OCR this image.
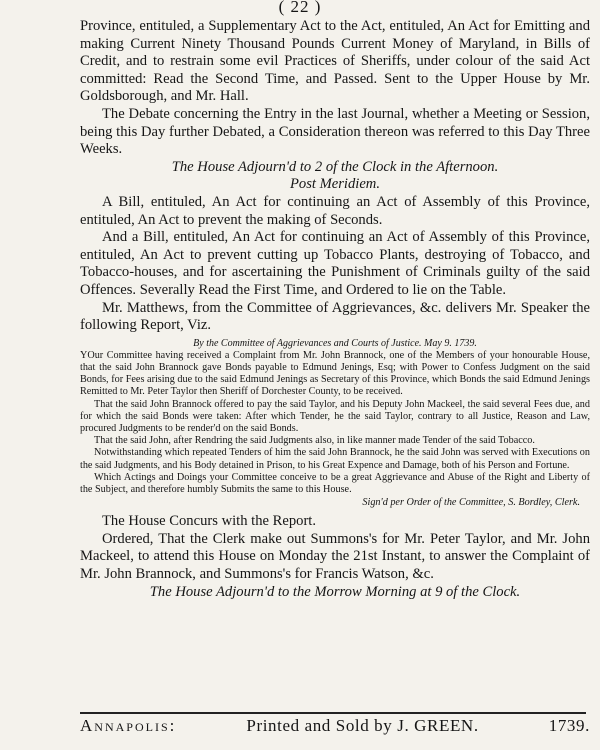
( 22 )

Province, entituled, a Supplementary Act to the Act, entituled, An Act for Emitting and making Current Ninety Thousand Pounds Current Money of Maryland, in Bills of Credit, and to restrain some evil Practices of Sheriffs, under colour of the said Act committed: Read the Second Time, and Passed. Sent to the Upper House by Mr. Goldsborough, and Mr. Hall.

The Debate concerning the Entry in the last Journal, whether a Meeting or Session, being this Day further Debated, a Consideration thereon was referred to this Day Three Weeks.

The House Adjourn'd to 2 of the Clock in the Afternoon.

Post Meridiem.

A Bill, entituled, An Act for continuing an Act of Assembly of this Province, entituled, An Act to prevent the making of Seconds.

And a Bill, entituled, An Act for continuing an Act of Assembly of this Province, entituled, An Act to prevent cutting up Tobacco Plants, destroying of Tobacco, and Tobacco-houses, and for ascertaining the Punishment of Criminals guilty of the said Offences. Severally Read the First Time, and Ordered to lie on the Table.

Mr. Matthews, from the Committee of Aggrievances, &c. delivers Mr. Speaker the following Report, Viz.

By the Committee of Aggrievances and Courts of Justice. May 9. 1739.

YOur Committee having received a Complaint from Mr. John Brannock, one of the Members of your honourable House, that the said John Brannock gave Bonds payable to Edmund Jenings, Esq; with Power to Confess Judgment on the said Bonds, for Fees arising due to the said Edmund Jenings as Secretary of this Province, which Bonds the said Edmund Jenings Remitted to Mr. Peter Taylor then Sheriff of Dorchester County, to be received.

That the said John Brannock offered to pay the said Taylor, and his Deputy John Mackeel, the said several Fees due, and for which the said Bonds were taken: After which Tender, he the said Taylor, contrary to all Justice, Reason and Law, procured Judgments to be render'd on the said Bonds.

That the said John, after Rendring the said Judgments also, in like manner made Tender of the said Tobacco.

Notwithstanding which repeated Tenders of him the said John Brannock, he the said John was served with Executions on the said Judgments, and his Body detained in Prison, to his Great Expence and Damage, both of his Person and Fortune.

Which Actings and Doings your Committee conceive to be a great Aggrievance and Abuse of the Right and Liberty of the Subject, and therefore humbly Submits the same to this House.

Sign'd per Order of the Committee, S. Bordley, Clerk.

The House Concurs with the Report.

Ordered, That the Clerk make out Summons's for Mr. Peter Taylor, and Mr. John Mackeel, to attend this House on Monday the 21st Instant, to answer the Complaint of Mr. John Brannock, and Summons's for Francis Watson, &c.

The House Adjourn'd to the Morrow Morning at 9 of the Clock.

Annapolis:	Printed and Sold by J. GREEN.	1739.
